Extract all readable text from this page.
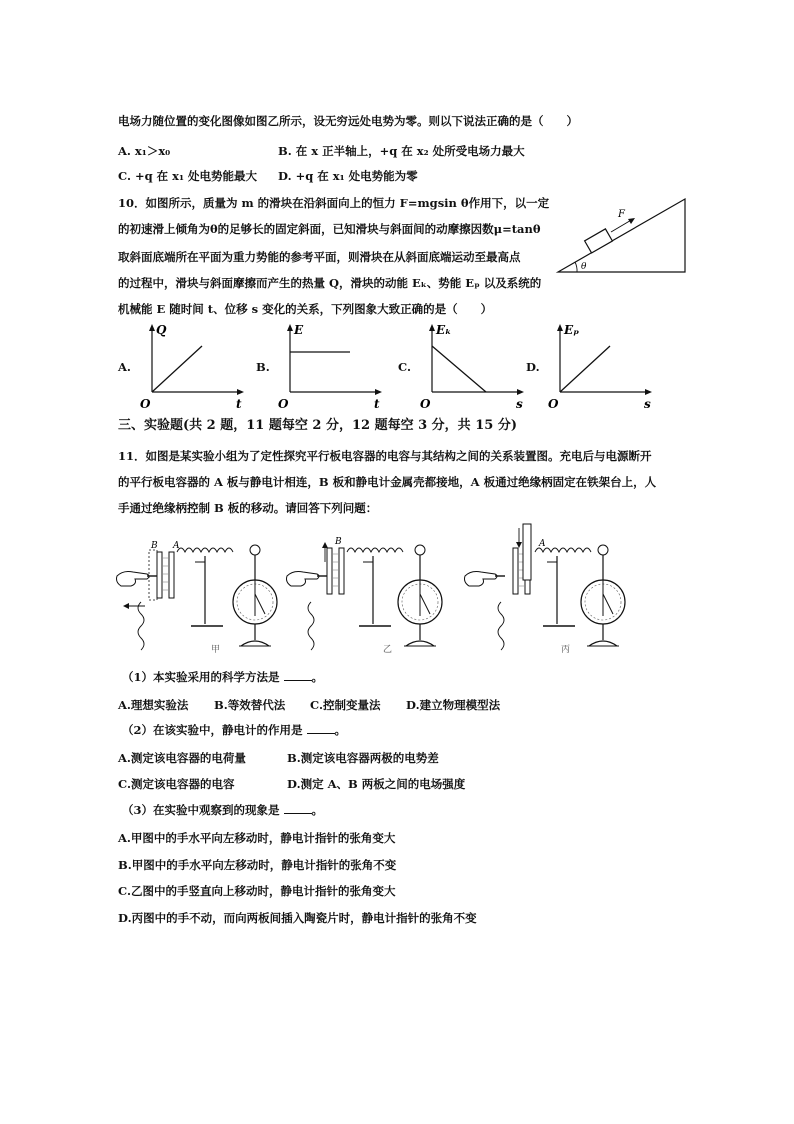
电场力随位置的变化图像如图乙所示，设无穷远处电势为零。则以下说法正确的是（　　）
A. x₁＞x₀	B. 在 x 正半轴上，+q 在 x₂ 处所受电场力最大
C. +q 在 x₁ 处电势能最大 D. +q 在 x₁ 处电势能为零
10．如图所示，质量为 m 的滑块在沿斜面向上的恒力 F=mgsin θ作用下，以一定
的初速滑上倾角为θ的足够长的固定斜面，已知滑块与斜面间的动摩擦因数μ=tanθ
取斜面底端所在平面为重力势能的参考平面，则滑块在从斜面底端运动至最高点
的过程中，滑块与斜面摩擦而产生的热量 Q，滑块的动能 Eₖ、势能 Eₚ 以及系统的
机械能 E 随时间 t、位移 s 变化的关系，下列图象大致正确的是（　　）
F
θ
A.
Q
t
O
B.
E
t
O
C.
Eₖ
s
O
D.
Eₚ
s
O
三、实验题(共 2 题，11 题每空 2 分，12 题每空 3 分，共 15 分)
11．如图是某实验小组为了定性探究平行板电容器的电容与其结构之间的关系装置图。充电后与电源断开
的平行板电容器的 A 板与静电计相连，B 板和静电计金属壳都接地，A 板通过绝缘柄固定在铁架台上，人
手通过绝缘柄控制 B 板的移动。请回答下列问题：
B A
甲
B
乙
A
丙
（1）本实验采用的科学方法是 。
A.理想实验法 B.等效替代法 C.控制变量法 D.建立物理模型法
（2）在该实验中，静电计的作用是 。
A.测定该电容器的电荷量	B.测定该电容器两极的电势差
C.测定该电容器的电容	D.测定 A、B 两板之间的电场强度
（3）在实验中观察到的现象是 。
A.甲图中的手水平向左移动时，静电计指针的张角变大
B.甲图中的手水平向左移动时，静电计指针的张角不变
C.乙图中的手竖直向上移动时，静电计指针的张角变大
D.丙图中的手不动，而向两板间插入陶瓷片时，静电计指针的张角不变
